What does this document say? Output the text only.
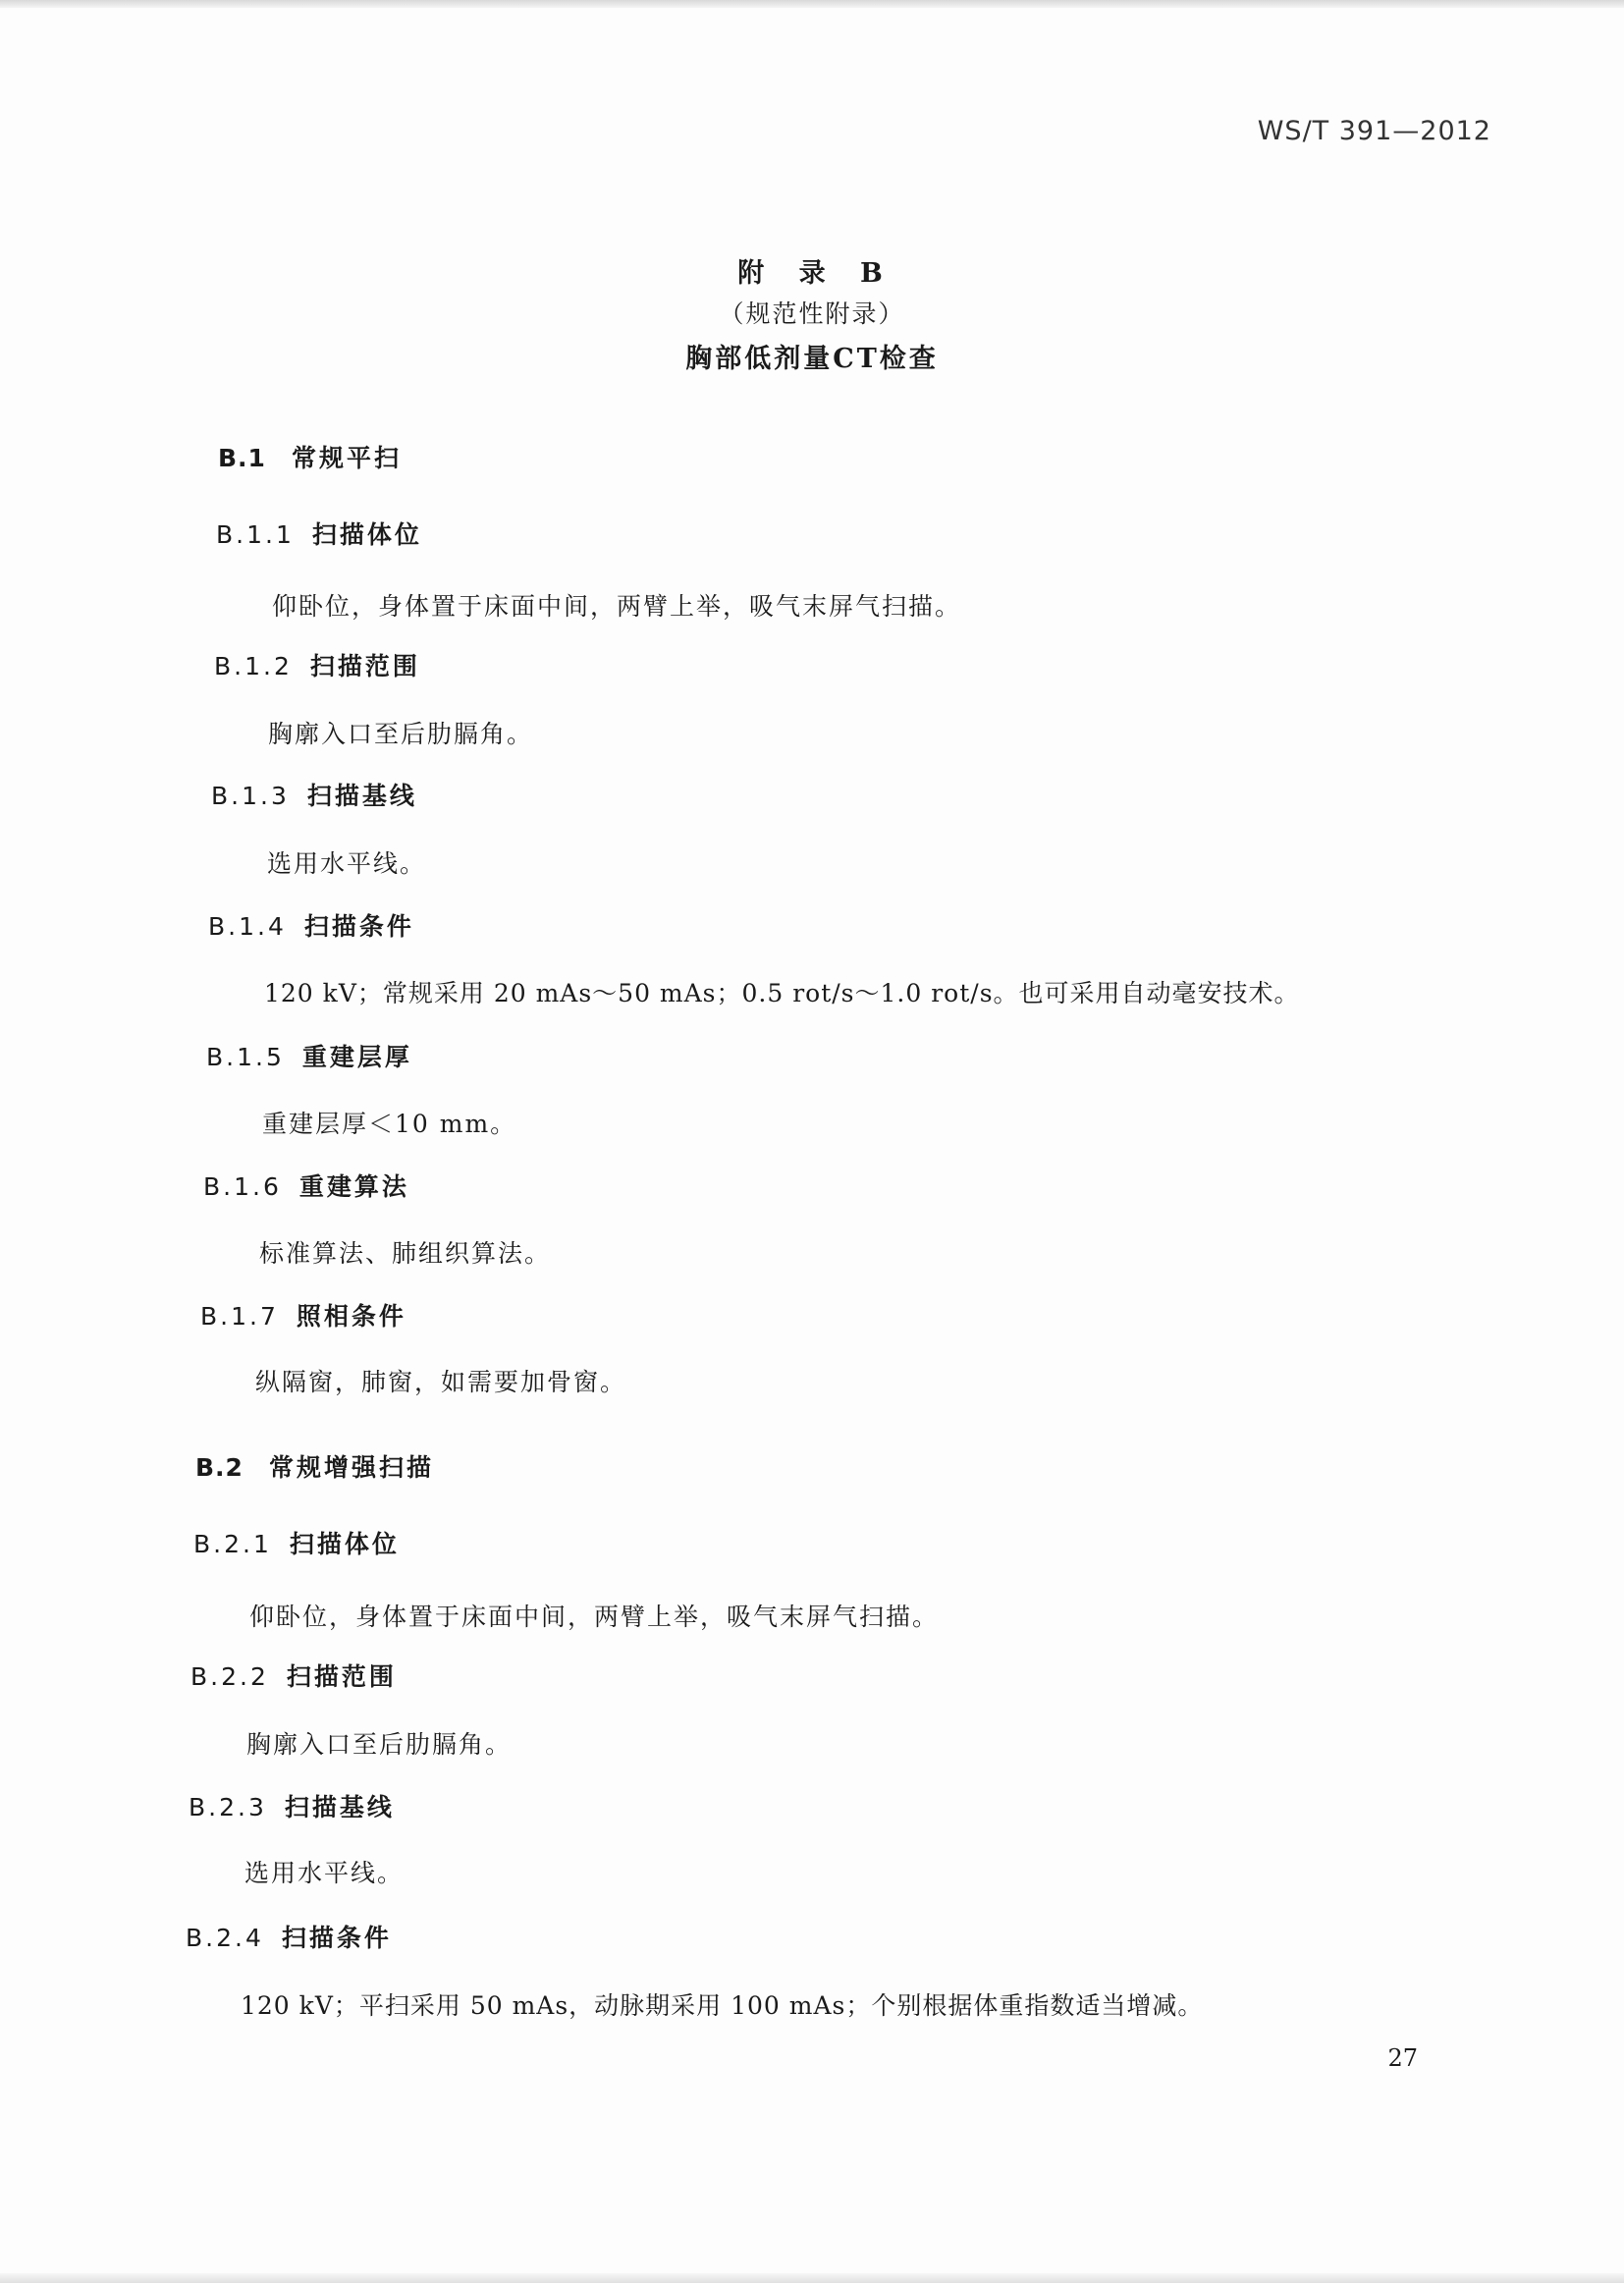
WS/T 391—2012
附 录 B
（规范性附录）
胸部低剂量CT检查
B.1 常规平扫
B.1.1 扫描体位
仰卧位，身体置于床面中间，两臂上举，吸气末屏气扫描。
B.1.2 扫描范围
胸廓入口至后肋膈角。
B.1.3 扫描基线
选用水平线。
B.1.4 扫描条件
120 kV；常规采用 20 mAs～50 mAs；0.5 rot/s～1.0 rot/s。也可采用自动毫安技术。
B.1.5 重建层厚
重建层厚＜10 mm。
B.1.6 重建算法
标准算法、肺组织算法。
B.1.7 照相条件
纵隔窗，肺窗，如需要加骨窗。
B.2 常规增强扫描
B.2.1 扫描体位
仰卧位，身体置于床面中间，两臂上举，吸气末屏气扫描。
B.2.2 扫描范围
胸廓入口至后肋膈角。
B.2.3 扫描基线
选用水平线。
B.2.4 扫描条件
120 kV；平扫采用 50 mAs，动脉期采用 100 mAs；个别根据体重指数适当增减。
27
